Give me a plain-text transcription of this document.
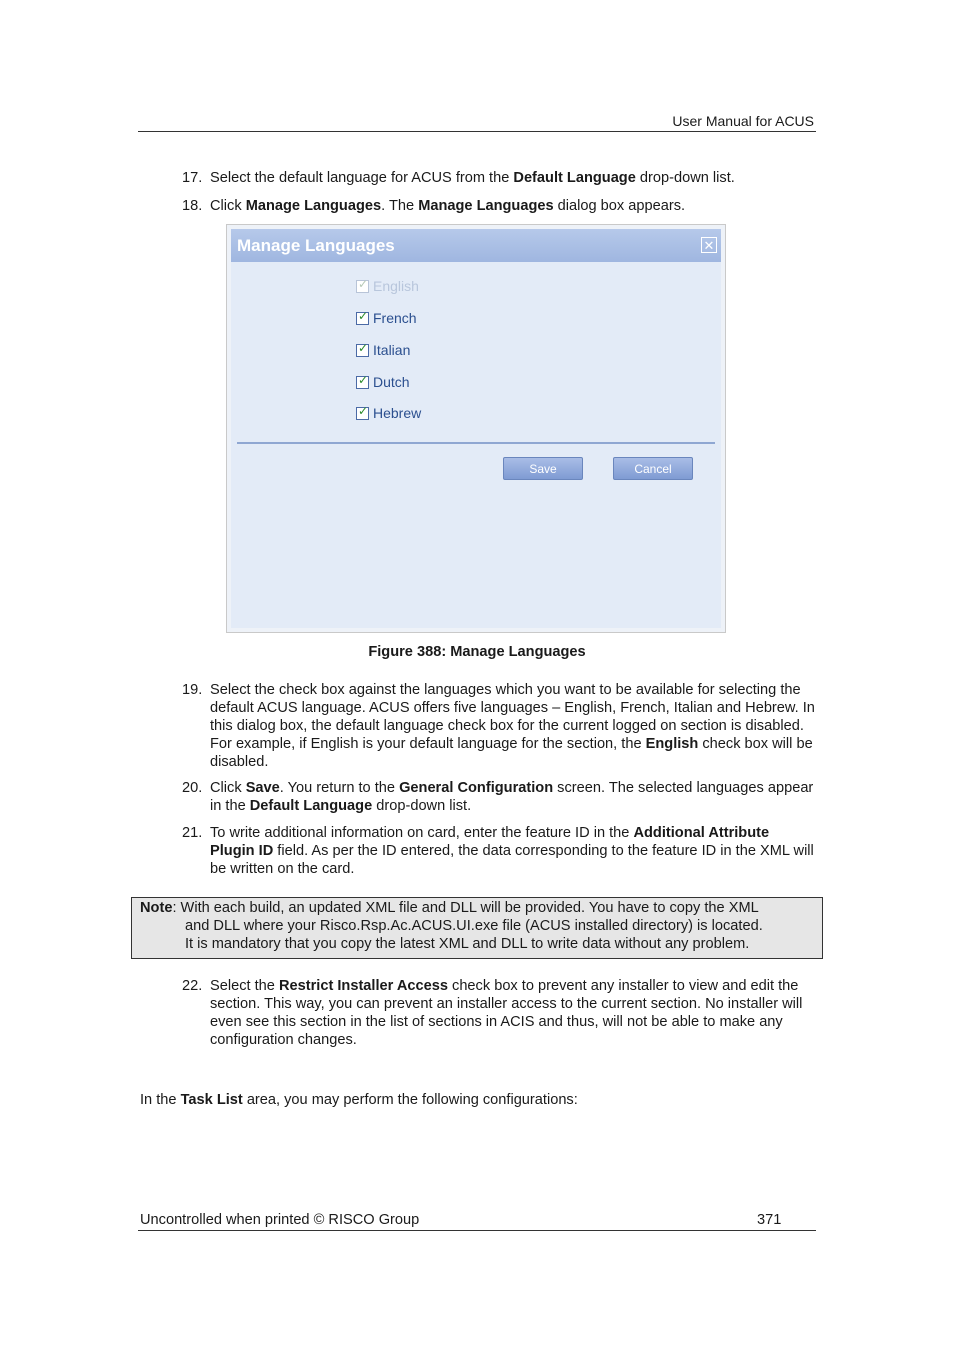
User Manual for ACUS
17. Select the default language for ACUS from the Default Language drop-down list.
18. Click Manage Languages. The Manage Languages dialog box appears.
Manage Languages	✕
✓ English
✓ French
✓ Italian
✓ Dutch
✓ Hebrew
Save	Cancel
Figure 388: Manage Languages
19. Select the check box against the languages which you want to be available for selecting the default ACUS language. ACUS offers five languages – English, French, Italian and Hebrew. In this dialog box, the default language check box for the current logged on section is disabled. For example, if English is your default language for the section, the English check box will be disabled.
20. Click Save. You return to the General Configuration screen. The selected languages appear in the Default Language drop-down list.
21. To write additional information on card, enter the feature ID in the Additional Attribute Plugin ID field. As per the ID entered, the data corresponding to the feature ID in the XML will be written on the card.
Note: With each build, an updated XML file and DLL will be provided. You have to copy the XML
and DLL where your Risco.Rsp.Ac.ACUS.UI.exe file (ACUS installed directory) is located.
It is mandatory that you copy the latest XML and DLL to write data without any problem.
22. Select the Restrict Installer Access check box to prevent any installer to view and edit the section. This way, you can prevent an installer access to the current section. No installer will even see this section in the list of sections in ACIS and thus, will not be able to make any configuration changes.
In the Task List area, you may perform the following configurations:
Uncontrolled when printed © RISCO Group	371
